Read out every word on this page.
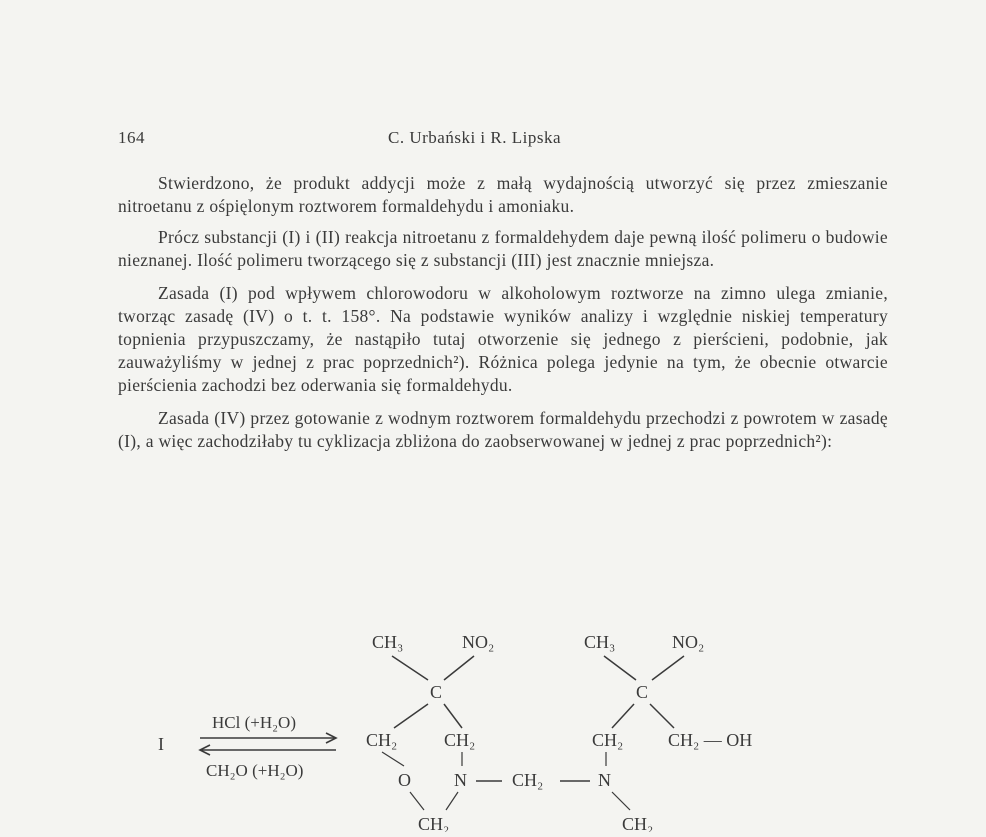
164	C. Urbański i R. Lipska

Stwierdzono, że produkt addycji może z małą wydajnością utworzyć się przez zmieszanie nitroetanu z ośpięlonym roztworem formaldehydu i amoniaku.

Prócz substancji (I) i (II) reakcja nitroetanu z formaldehydem daje pewną ilość polimeru o budowie nieznanej. Ilość polimeru tworzącego się z substancji (III) jest znacznie mniejsza.

Zasada (I) pod wpływem chlorowodoru w alkoholowym roztworze na zimno ulega zmianie, tworząc zasadę (IV) o t. t. 158°. Na podstawie wyników analizy i względnie niskiej temperatury topnienia przypuszczamy, że nastąpiło tutaj otworzenie się jednego z pierścieni, podobnie, jak zauważyliśmy w jednej z prac poprzednich²). Różnica polega jedynie na tym, że obecnie otwarcie pierścienia zachodzi bez oderwania się formaldehydu.

Zasada (IV) przez gotowanie z wodnym roztworem formaldehydu przechodzi z powrotem w zasadę (I), a więc zachodziłaby tu cyklizacja zbliżona do zaobserwowanej w jednej z prac poprzednich²):

I
HCl (+H₂O)
CH₂O (+H₂O)
CH₃	NO₂
C
CH₂	CH₂
O N	CH₂	N
CH₂
CH₃	NO₂
C
CH₂ CH₂ — OH
CH₂
